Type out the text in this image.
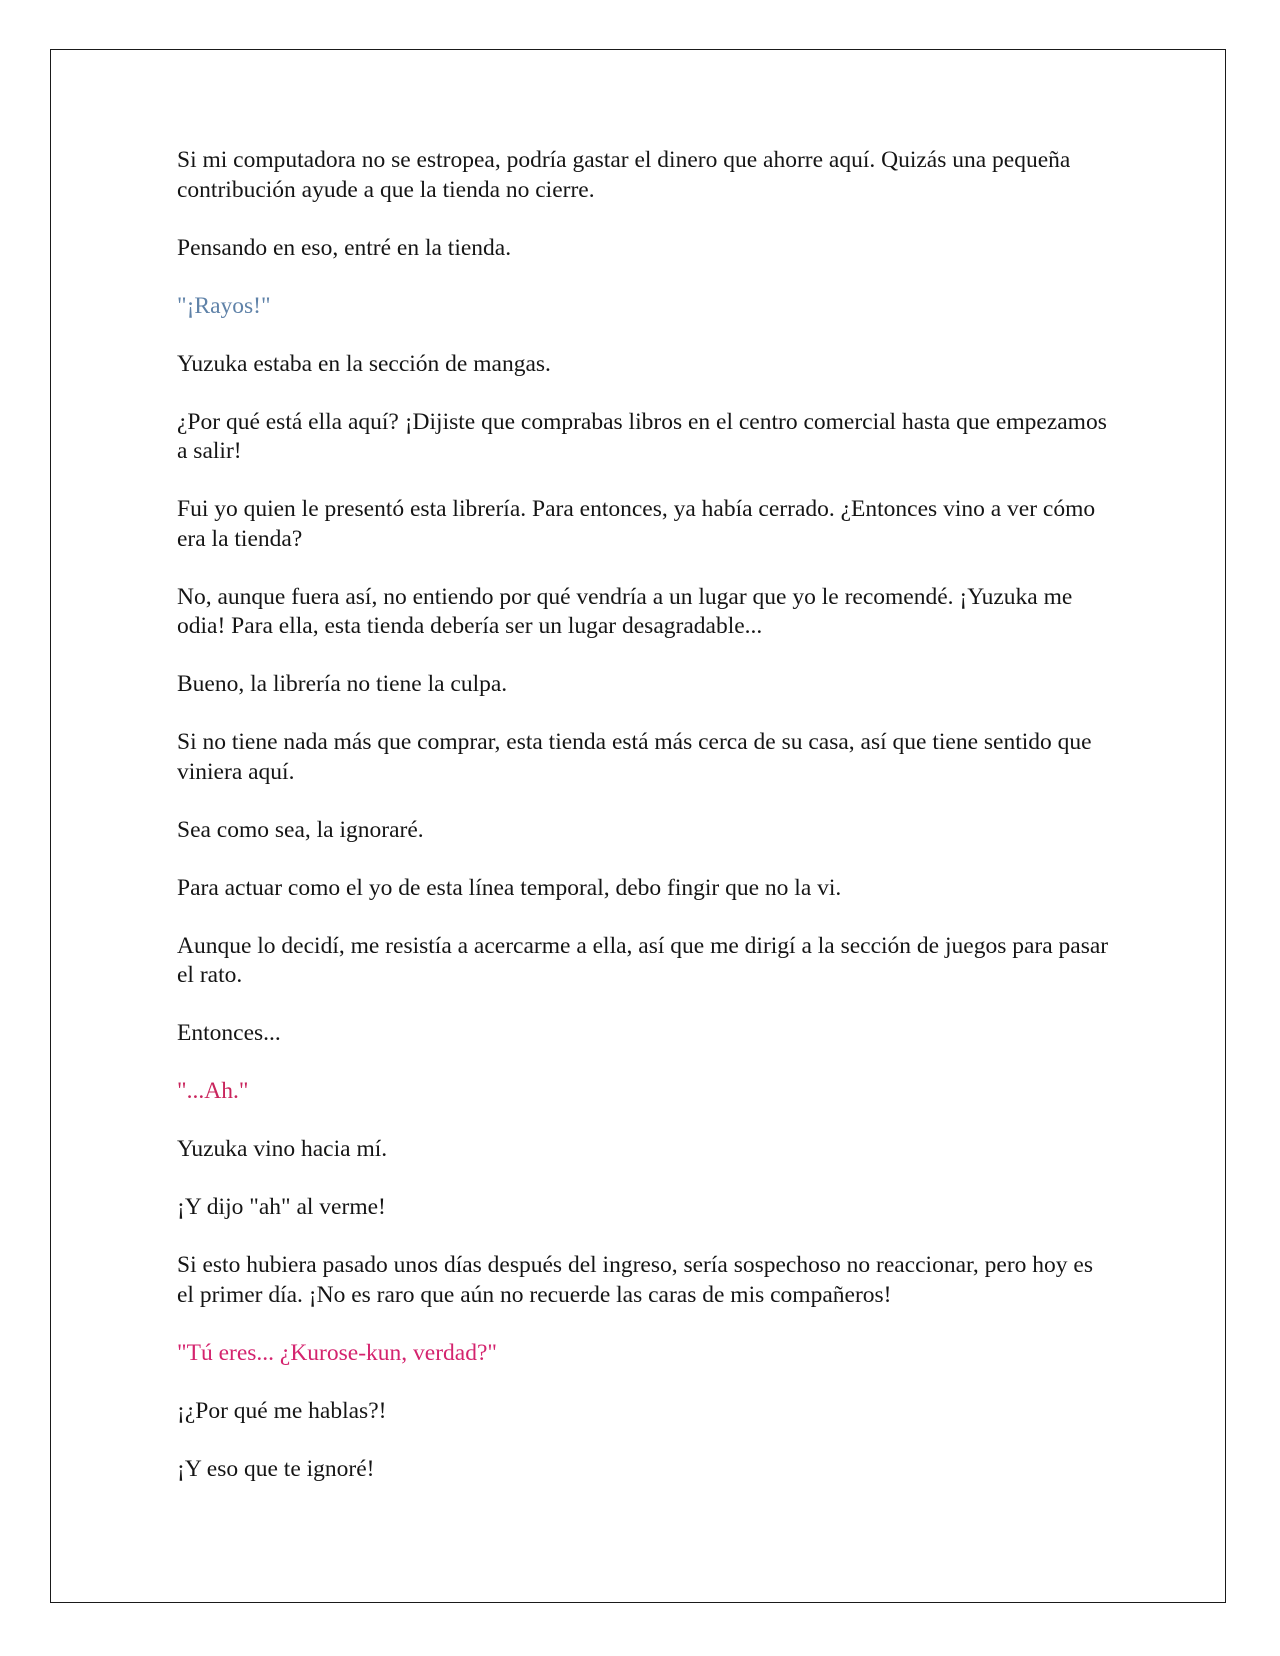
Si mi computadora no se estropea, podría gastar el dinero que ahorre aquí. Quizás una pequeña contribución ayude a que la tienda no cierre.

Pensando en eso, entré en la tienda.

"¡Rayos!"

Yuzuka estaba en la sección de mangas.

¿Por qué está ella aquí? ¡Dijiste que comprabas libros en el centro comercial hasta que empezamos a salir!

Fui yo quien le presentó esta librería. Para entonces, ya había cerrado. ¿Entonces vino a ver cómo era la tienda?

No, aunque fuera así, no entiendo por qué vendría a un lugar que yo le recomendé. ¡Yuzuka me odia! Para ella, esta tienda debería ser un lugar desagradable...

Bueno, la librería no tiene la culpa.

Si no tiene nada más que comprar, esta tienda está más cerca de su casa, así que tiene sentido que viniera aquí.

Sea como sea, la ignoraré.

Para actuar como el yo de esta línea temporal, debo fingir que no la vi.

Aunque lo decidí, me resistía a acercarme a ella, así que me dirigí a la sección de juegos para pasar el rato.

Entonces...

"...Ah."

Yuzuka vino hacia mí.

¡Y dijo "ah" al verme!

Si esto hubiera pasado unos días después del ingreso, sería sospechoso no reaccionar, pero hoy es el primer día. ¡No es raro que aún no recuerde las caras de mis compañeros!

"Tú eres... ¿Kurose-kun, verdad?"

¡¿Por qué me hablas?!

¡Y eso que te ignoré!
